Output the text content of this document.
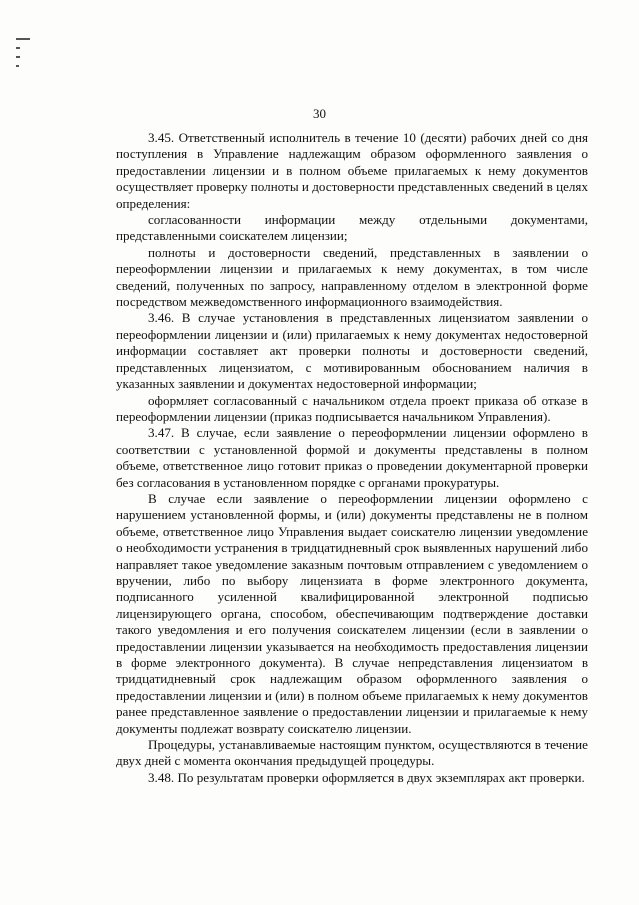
30

3.45. Ответственный исполнитель в течение 10 (десяти) рабочих дней со дня поступления в Управление надлежащим образом оформленного заявления о предоставлении лицензии и в полном объеме прилагаемых к нему документов осуществляет проверку полноты и достоверности представленных сведений в целях определения:

согласованности информации между отдельными документами, представленными соискателем лицензии;

полноты и достоверности сведений, представленных в заявлении о переоформлении лицензии и прилагаемых к нему документах, в том числе сведений, полученных по запросу, направленному отделом в электронной форме посредством межведомственного информационного взаимодействия.

3.46. В случае установления в представленных лицензиатом заявлении о переоформлении лицензии и (или) прилагаемых к нему документах недостоверной информации составляет акт проверки полноты и достоверности сведений, представленных лицензиатом, с мотивированным обоснованием наличия в указанных заявлении и документах недостоверной информации;

оформляет согласованный с начальником отдела проект приказа об отказе в переоформлении лицензии (приказ подписывается начальником Управления).

3.47. В случае, если заявление о переоформлении лицензии оформлено в соответствии с установленной формой и документы представлены в полном объеме, ответственное лицо готовит приказ о проведении документарной проверки без согласования в установленном порядке с органами прокуратуры.

В случае если заявление о переоформлении лицензии оформлено с нарушением установленной формы, и (или) документы представлены не в полном объеме, ответственное лицо Управления выдает соискателю лицензии уведомление о необходимости устранения в тридцатидневный срок выявленных нарушений либо направляет такое уведомление заказным почтовым отправлением с уведомлением о вручении, либо по выбору лицензиата в форме электронного документа, подписанного усиленной квалифицированной электронной подписью лицензирующего органа, способом, обеспечивающим подтверждение доставки такого уведомления и его получения соискателем лицензии (если в заявлении о предоставлении лицензии указывается на необходимость предоставления лицензии в форме электронного документа). В случае непредставления лицензиатом в тридцатидневный срок надлежащим образом оформленного заявления о предоставлении лицензии и (или) в полном объеме прилагаемых к нему документов ранее представленное заявление о предоставлении лицензии и прилагаемые к нему документы подлежат возврату соискателю лицензии.

Процедуры, устанавливаемые настоящим пунктом, осуществляются в течение двух дней с момента окончания предыдущей процедуры.

3.48. По результатам проверки оформляется в двух экземплярах акт проверки.
